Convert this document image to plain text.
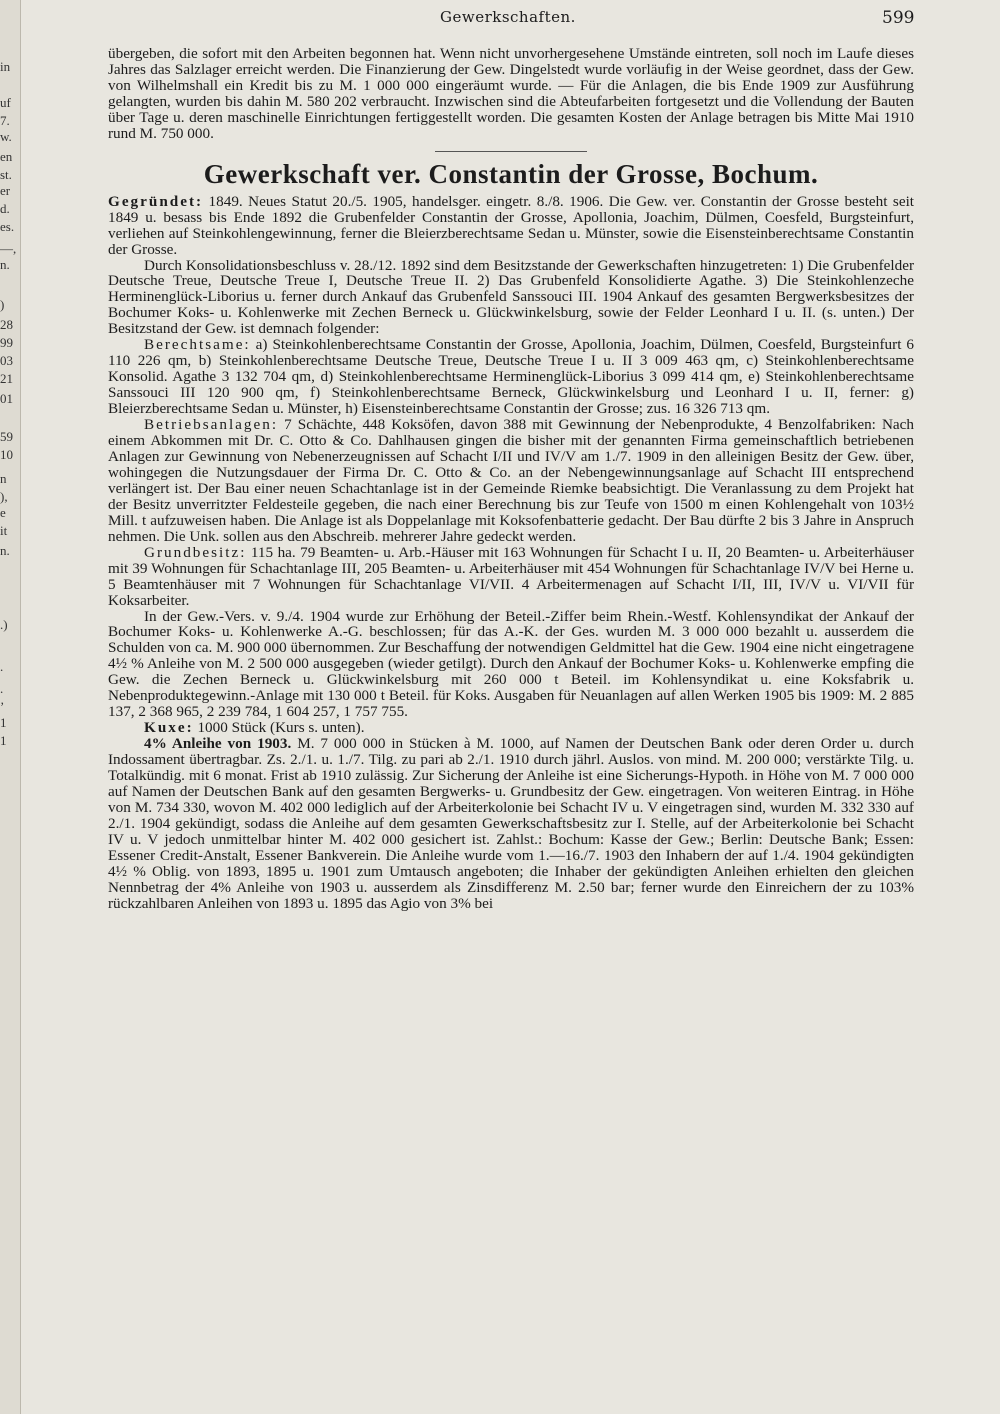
in
uf
7.
w.
en
st.
er
d.
es.
—,
n.
)
28
99
03
21
01
59
10
n
),
e
it
n.
.)
.
.
’
1
1
Gewerkschaften.	599

übergeben, die sofort mit den Arbeiten begonnen hat. Wenn nicht unvorhergesehene Umstände eintreten, soll noch im Laufe dieses Jahres das Salzlager erreicht werden. Die Finanzierung der Gew. Dingelstedt wurde vorläufig in der Weise geordnet, dass der Gew. von Wilhelmshall ein Kredit bis zu M. 1 000 000 eingeräumt wurde. — Für die Anlagen, die bis Ende 1909 zur Ausführung gelangten, wurden bis dahin M. 580 202 verbraucht. Inzwischen sind die Abteufarbeiten fortgesetzt und die Vollendung der Bauten über Tage u. deren maschinelle Einrichtungen fertiggestellt worden. Die gesamten Kosten der Anlage betragen bis Mitte Mai 1910 rund M. 750 000.

Gewerkschaft ver. Constantin der Grosse, Bochum.

Gegründet: 1849. Neues Statut 20./5. 1905, handelsger. eingetr. 8./8. 1906. Die Gew. ver. Constantin der Grosse besteht seit 1849 u. besass bis Ende 1892 die Grubenfelder Constantin der Grosse, Apollonia, Joachim, Dülmen, Coesfeld, Burgsteinfurt, verliehen auf Steinkohlengewinnung, ferner die Bleierzberechtsame Sedan u. Münster, sowie die Eisensteinberechtsame Constantin der Grosse.

Durch Konsolidationsbeschluss v. 28./12. 1892 sind dem Besitzstande der Gewerkschaften hinzugetreten: 1) Die Grubenfelder Deutsche Treue, Deutsche Treue I, Deutsche Treue II. 2) Das Grubenfeld Konsolidierte Agathe. 3) Die Steinkohlenzeche Herminenglück-Liborius u. ferner durch Ankauf das Grubenfeld Sanssouci III. 1904 Ankauf des gesamten Bergwerksbesitzes der Bochumer Koks- u. Kohlenwerke mit Zechen Berneck u. Glückwinkelsburg, sowie der Felder Leonhard I u. II. (s. unten.) Der Besitzstand der Gew. ist demnach folgender:

Berechtsame: a) Steinkohlenberechtsame Constantin der Grosse, Apollonia, Joachim, Dülmen, Coesfeld, Burgsteinfurt 6 110 226 qm, b) Steinkohlenberechtsame Deutsche Treue, Deutsche Treue I u. II 3 009 463 qm, c) Steinkohlenberechtsame Konsolid. Agathe 3 132 704 qm, d) Steinkohlenberechtsame Herminenglück-Liborius 3 099 414 qm, e) Steinkohlenberechtsame Sanssouci III 120 900 qm, f) Steinkohlenberechtsame Berneck, Glückwinkelsburg und Leonhard I u. II, ferner: g) Bleierzberechtsame Sedan u. Münster, h) Eisensteinberechtsame Constantin der Grosse; zus. 16 326 713 qm.

Betriebsanlagen: 7 Schächte, 448 Koksöfen, davon 388 mit Gewinnung der Nebenprodukte, 4 Benzolfabriken: Nach einem Abkommen mit Dr. C. Otto & Co. Dahlhausen gingen die bisher mit der genannten Firma gemeinschaftlich betriebenen Anlagen zur Gewinnung von Nebenerzeugnissen auf Schacht I/II und IV/V am 1./7. 1909 in den alleinigen Besitz der Gew. über, wohingegen die Nutzungsdauer der Firma Dr. C. Otto & Co. an der Nebengewinnungsanlage auf Schacht III entsprechend verlängert ist. Der Bau einer neuen Schachtanlage ist in der Gemeinde Riemke beabsichtigt. Die Veranlassung zu dem Projekt hat der Besitz unverritzter Feldesteile gegeben, die nach einer Berechnung bis zur Teufe von 1500 m einen Kohlengehalt von 103½ Mill. t aufzuweisen haben. Die Anlage ist als Doppelanlage mit Koksofenbatterie gedacht. Der Bau dürfte 2 bis 3 Jahre in Anspruch nehmen. Die Unk. sollen aus den Abschreib. mehrerer Jahre gedeckt werden.

Grundbesitz: 115 ha. 79 Beamten- u. Arb.-Häuser mit 163 Wohnungen für Schacht I u. II, 20 Beamten- u. Arbeiterhäuser mit 39 Wohnungen für Schachtanlage III, 205 Beamten- u. Arbeiterhäuser mit 454 Wohnungen für Schachtanlage IV/V bei Herne u. 5 Beamtenhäuser mit 7 Wohnungen für Schachtanlage VI/VII. 4 Arbeitermenagen auf Schacht I/II, III, IV/V u. VI/VII für Koksarbeiter.

In der Gew.-Vers. v. 9./4. 1904 wurde zur Erhöhung der Beteil.-Ziffer beim Rhein.-Westf. Kohlensyndikat der Ankauf der Bochumer Koks- u. Kohlenwerke A.-G. beschlossen; für das A.-K. der Ges. wurden M. 3 000 000 bezahlt u. ausserdem die Schulden von ca. M. 900 000 übernommen. Zur Beschaffung der notwendigen Geldmittel hat die Gew. 1904 eine nicht eingetragene 4½ % Anleihe von M. 2 500 000 ausgegeben (wieder getilgt). Durch den Ankauf der Bochumer Koks- u. Kohlenwerke empfing die Gew. die Zechen Berneck u. Glückwinkelsburg mit 260 000 t Beteil. im Kohlensyndikat u. eine Koksfabrik u. Nebenproduktegewinn.-Anlage mit 130 000 t Beteil. für Koks. Ausgaben für Neuanlagen auf allen Werken 1905 bis 1909: M. 2 885 137, 2 368 965, 2 239 784, 1 604 257, 1 757 755.

Kuxe: 1000 Stück (Kurs s. unten).

4% Anleihe von 1903. M. 7 000 000 in Stücken à M. 1000, auf Namen der Deutschen Bank oder deren Order u. durch Indossament übertragbar. Zs. 2./1. u. 1./7. Tilg. zu pari ab 2./1. 1910 durch jährl. Auslos. von mind. M. 200 000; verstärkte Tilg. u. Totalkündig. mit 6 monat. Frist ab 1910 zulässig. Zur Sicherung der Anleihe ist eine Sicherungs-Hypoth. in Höhe von M. 7 000 000 auf Namen der Deutschen Bank auf den gesamten Bergwerks- u. Grundbesitz der Gew. eingetragen. Von weiteren Eintrag. in Höhe von M. 734 330, wovon M. 402 000 lediglich auf der Arbeiterkolonie bei Schacht IV u. V eingetragen sind, wurden M. 332 330 auf 2./1. 1904 gekündigt, sodass die Anleihe auf dem gesamten Gewerkschaftsbesitz zur I. Stelle, auf der Arbeiterkolonie bei Schacht IV u. V jedoch unmittelbar hinter M. 402 000 gesichert ist. Zahlst.: Bochum: Kasse der Gew.; Berlin: Deutsche Bank; Essen: Essener Credit-Anstalt, Essener Bankverein. Die Anleihe wurde vom 1.—16./7. 1903 den Inhabern der auf 1./4. 1904 gekündigten 4½ % Oblig. von 1893, 1895 u. 1901 zum Umtausch angeboten; die Inhaber der gekündigten Anleihen erhielten den gleichen Nennbetrag der 4% Anleihe von 1903 u. ausserdem als Zinsdifferenz M. 2.50 bar; ferner wurde den Einreichern der zu 103% rückzahlbaren Anleihen von 1893 u. 1895 das Agio von 3% bei
